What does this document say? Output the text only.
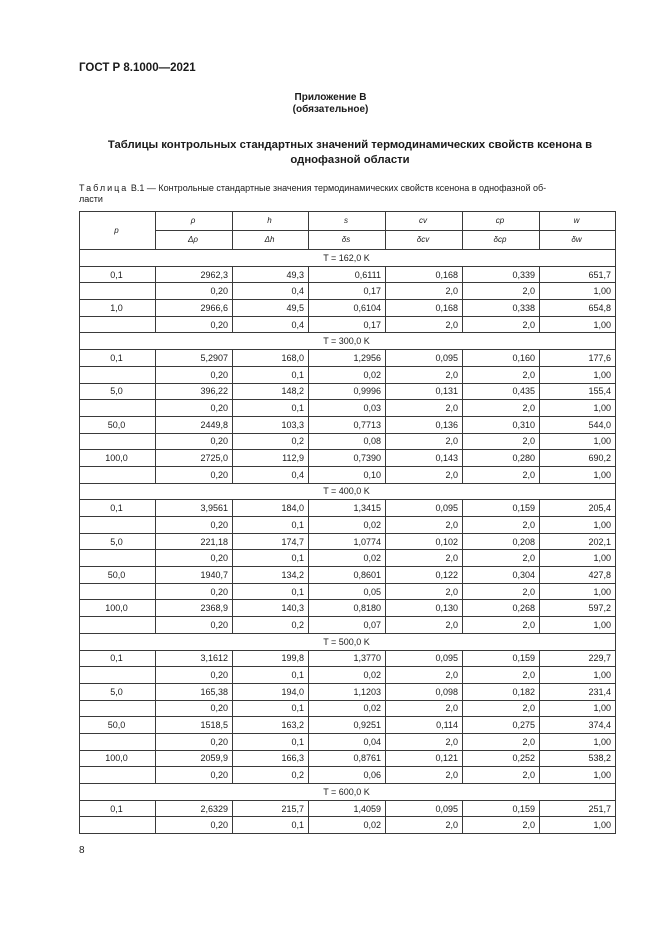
ГОСТ Р 8.1000—2021
Приложение В
(обязательное)
Таблицы контрольных стандартных значений термодинамических свойств ксенона в однофазной области
Таблица В.1 — Контрольные стандартные значения термодинамических свойств ксенона в однофазной об-
ласти
p	ρ	h	s	cv	cp	w
	Δρ	Δh	δs	δcv	δcp	δw
T = 162,0 K						
0,1	2962,3	49,3	0,6111	0,168	0,339	651,7
	0,20	0,4	0,17	2,0	2,0	1,00
1,0	2966,6	49,5	0,6104	0,168	0,338	654,8
	0,20	0,4	0,17	2,0	2,0	1,00
T = 300,0 K						
0,1	5,2907	168,0	1,2956	0,095	0,160	177,6
	0,20	0,1	0,02	2,0	2,0	1,00
5,0	396,22	148,2	0,9996	0,131	0,435	155,4
	0,20	0,1	0,03	2,0	2,0	1,00
50,0	2449,8	103,3	0,7713	0,136	0,310	544,0
	0,20	0,2	0,08	2,0	2,0	1,00
100,0	2725,0	112,9	0,7390	0,143	0,280	690,2
	0,20	0,4	0,10	2,0	2,0	1,00
T = 400,0 K						
0,1	3,9561	184,0	1,3415	0,095	0,159	205,4
	0,20	0,1	0,02	2,0	2,0	1,00
5,0	221,18	174,7	1,0774	0,102	0,208	202,1
	0,20	0,1	0,02	2,0	2,0	1,00
50,0	1940,7	134,2	0,8601	0,122	0,304	427,8
	0,20	0,1	0,05	2,0	2,0	1,00
100,0	2368,9	140,3	0,8180	0,130	0,268	597,2
	0,20	0,2	0,07	2,0	2,0	1,00
T = 500,0 K						
0,1	3,1612	199,8	1,3770	0,095	0,159	229,7
	0,20	0,1	0,02	2,0	2,0	1,00
5,0	165,38	194,0	1,1203	0,098	0,182	231,4
	0,20	0,1	0,02	2,0	2,0	1,00
50,0	1518,5	163,2	0,9251	0,114	0,275	374,4
	0,20	0,1	0,04	2,0	2,0	1,00
100,0	2059,9	166,3	0,8761	0,121	0,252	538,2
	0,20	0,2	0,06	2,0	2,0	1,00
T = 600,0 K						
0,1	2,6329	215,7	1,4059	0,095	0,159	251,7
	0,20	0,1	0,02	2,0	2,0	1,00
8
